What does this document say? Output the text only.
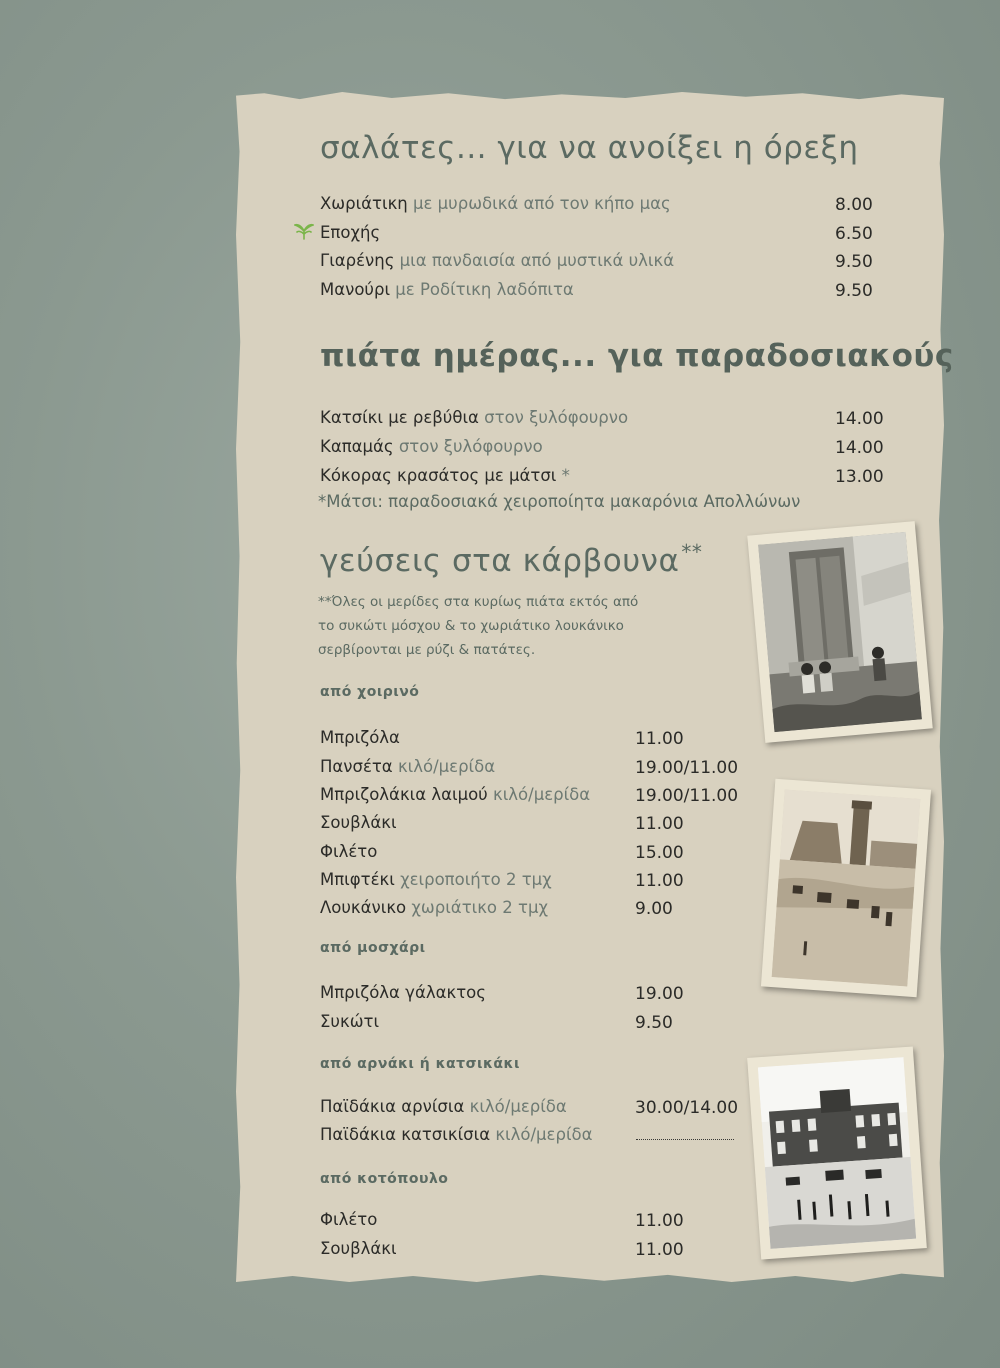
σαλάτες... για να ανοίξει η όρεξη
Χωριάτικη με μυρωδικά από τον κήπο μας	8.00
Εποχής	6.50
Γιαρένης μια πανδαισία από μυστικά υλικά	9.50
Μανούρι με Ροδίτικη λαδόπιτα	9.50
πιάτα ημέρας... για παραδοσιακούς
Κατσίκι με ρεβύθια στον ξυλόφουρνο	14.00
Καπαμάς στον ξυλόφουρνο	14.00
Κόκορας κρασάτος με μάτσι *	13.00
*Μάτσι: παραδοσιακά χειροποίητα μακαρόνια Απολλώνων
γεύσεις στα κάρβουνα **
**Όλες οι μερίδες στα κυρίως πιάτα εκτός από
το συκώτι μόσχου & το χωριάτικο λουκάνικο
σερβίρονται με ρύζι & πατάτες.
από χοιρινό
Μπριζόλα	11.00
Πανσέτα κιλό/μερίδα	19.00/11.00
Μπριζολάκια λαιμού κιλό/μερίδα	19.00/11.00
Σουβλάκι	11.00
Φιλέτο	15.00
Μπιφτέκι χειροποιήτο 2 τμχ	11.00
Λουκάνικο χωριάτικο 2 τμχ	9.00
από μοσχάρι
Μπριζόλα γάλακτος	19.00
Συκώτι	9.50
από αρνάκι ή κατσικάκι
Παϊδάκια αρνίσια κιλό/μερίδα	30.00/14.00
Παϊδάκια κατσικίσια κιλό/μερίδα
από κοτόπουλο
Φιλέτο	11.00
Σουβλάκι	11.00
